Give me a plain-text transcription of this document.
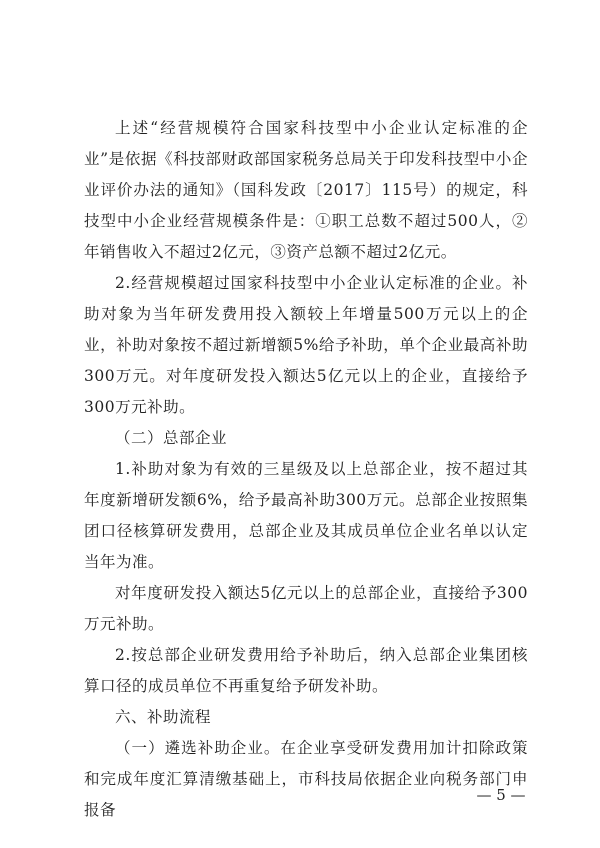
上述“经营规模符合国家科技型中小企业认定标准的企业”是依据《科技部财政部国家税务总局关于印发科技型中小企业评价办法的通知》（国科发政〔2017〕115号）的规定，科技型中小企业经营规模条件是：①职工总数不超过500人，②年销售收入不超过2亿元，③资产总额不超过2亿元。

2.经营规模超过国家科技型中小企业认定标准的企业。补助对象为当年研发费用投入额较上年增量500万元以上的企业，补助对象按不超过新增额5%给予补助，单个企业最高补助300万元。对年度研发投入额达5亿元以上的企业，直接给予300万元补助。

（二）总部企业

1.补助对象为有效的三星级及以上总部企业，按不超过其年度新增研发额6%，给予最高补助300万元。总部企业按照集团口径核算研发费用，总部企业及其成员单位企业名单以认定当年为准。

对年度研发投入额达5亿元以上的总部企业，直接给予300万元补助。

2.按总部企业研发费用给予补助后，纳入总部企业集团核算口径的成员单位不再重复给予研发补助。

六、补助流程

（一）遴选补助企业。在企业享受研发费用加计扣除政策和完成年度汇算清缴基础上，市科技局依据企业向税务部门申报备

— 5 —
